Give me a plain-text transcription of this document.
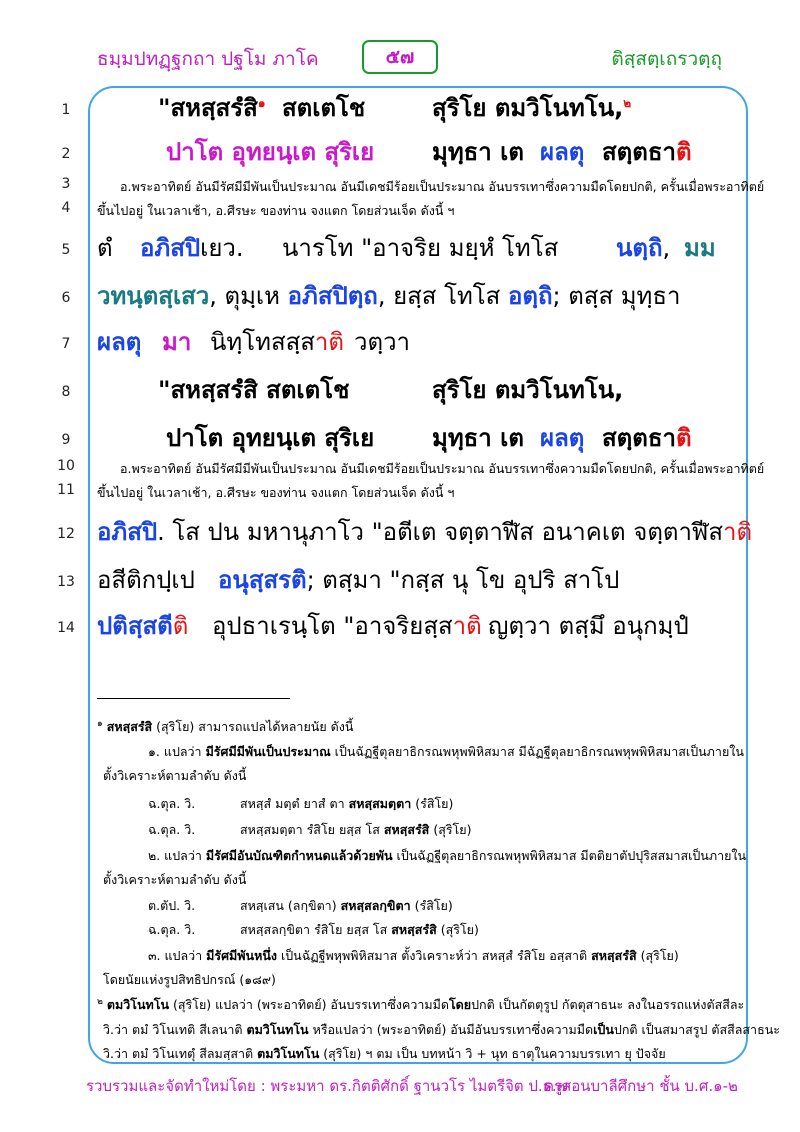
ธมฺมปทฏฺฐกถา ปฐโม ภาโค	๕๗	ติสฺสตฺเถรวตฺถุ
1	"สหสฺสรํสิ$^๑$ สตเตโช	สุริโย ตมวิโนทโน,$^๒$
2	ปาโต อุทยนฺเต สุริเย มุทฺธา เต ผลตุ สตฺตธาติ
3	อ.พระอาทิตย์ อันมีรัศมีมีพันเป็นประมาณ อันมีเดชมีร้อยเป็นประมาณ อันบรรเทาซึ่งความมืดโดยปกติ, ครั้นเมื่อพระอาทิตย์
4	ขึ้นไปอยู่ ในเวลาเช้า, อ.ศีรษะ ของท่าน จงแตก โดยส่วนเจ็ด ดังนี้ ฯ
5	ตํ อภิสปิเยว. นารโท "อาจริย มยฺหํ โทโส นตฺถิ, มม
6	วทนฺตสฺเสว, ตุมฺเห อภิสปิตฺถ, ยสฺส โทโส อตฺถิ; ตสฺส มุทฺธา
7	ผลตุ มา นิทฺโทสสฺสาติ วตฺวา
8	"สหสฺสรํสิ สตเตโช	สุริโย ตมวิโนทโน,
9	ปาโต อุทยนฺเต สุริเย มุทฺธา เต ผลตุ สตฺตธาติ
10	อ.พระอาทิตย์ อันมีรัศมีมีพันเป็นประมาณ อันมีเดชมีร้อยเป็นประมาณ อันบรรเทาซึ่งความมืดโดยปกติ, ครั้นเมื่อพระอาทิตย์
11	ขึ้นไปอยู่ ในเวลาเช้า, อ.ศีรษะ ของท่าน จงแตก โดยส่วนเจ็ด ดังนี้ ฯ
12 อภิสปิ. โส ปน มหานุภาโว "อตีเต จตฺตาฬีส อนาคเต จตฺตาฬีสาติ
13 อสีติกปฺเป อนุสฺสรติ; ตสฺมา "กสฺส นุ โข อุปริ สาโป
14 ปติสฺสตีติ อุปธาเรนฺโต "อาจริยสฺสาติ ญตฺวา ตสฺมึ อนุกมฺปํ
$^๑$ สหสฺสรํสิ (สุริโย) สามารถแปลได้หลายนัย ดังนี้
๑. แปลว่า มีรัศมีมีพันเป็นประมาณ เป็นฉัฏฐีตุลยาธิกรณพหุพพิหิสมาส มีฉัฏฐีตุลยาธิกรณพหุพพิหิสมาสเป็นภายใน
ตั้งวิเคราะห์ตามลำดับ ดังนี้
ฉ.ตุล. วิ.	สหสฺสํ มตฺตํ ยาสํ ตา สหสฺสมตฺตา (รํสิโย)
ฉ.ตุล. วิ.	สหสฺสมตฺตา รํสิโย ยสฺส โส สหสฺสรํสิ (สุริโย)
๒. แปลว่า มีรัศมีอันบัณฑิตกำหนดแล้วด้วยพัน เป็นฉัฏฐีตุลยาธิกรณพหุพพิหิสมาส มีตติยาตัปปุริสสมาสเป็นภายใน
ตั้งวิเคราะห์ตามลำดับ ดังนี้
ต.ตัป. วิ.	สหสฺเสน (ลกฺขิตา) สหสฺสลกฺขิตา (รํสิโย)
ฉ.ตุล. วิ.	สหสฺสลกฺขิตา รํสิโย ยสฺส โส สหสฺสรํสิ (สุริโย)
๓. แปลว่า มีรัศมีพันหนึ่ง เป็นฉัฏฐีพหุพพิหิสมาส ตั้งวิเคราะห์ว่า สหสฺสํ รํสิโย อสฺสาติ สหสฺสรํสิ (สุริโย)
โดยนัยแห่งรูปสิทธิปกรณ์ (๑๘๙)
$^๒$ ตมวิโนทโน (สุริโย) แปลว่า (พระอาทิตย์) อันบรรเทาซึ่งความมืดโดยปกติ เป็นกัตตุรูป กัตตุสาธนะ ลงในอรรถแห่งตัสสีละ
วิ.ว่า ตมํ วิโนเทติ สีเลนาติ ตมวิโนทโน หรือแปลว่า (พระอาทิตย์) อันมีอันบรรเทาซึ่งความมืดเป็นปกติ เป็นสมาสรูป ตัสสีลสาธนะ
วิ.ว่า ตมํ วิโนเทตุํ สีลมสฺสาติ ตมวิโนทโน (สุริโย) ฯ ตม เป็น บทหน้า วิ + นุท ธาตุในความบรรเทา ยุ ปัจจัย
รวบรวมและจัดทำใหม่โดย : พระมหา ดร.กิตติศักดิ์ ฐานวโร ไมตรีจิต ป.ธ.๗
ครูสอนบาลีศึกษา ชั้น บ.ศ.๑-๒
